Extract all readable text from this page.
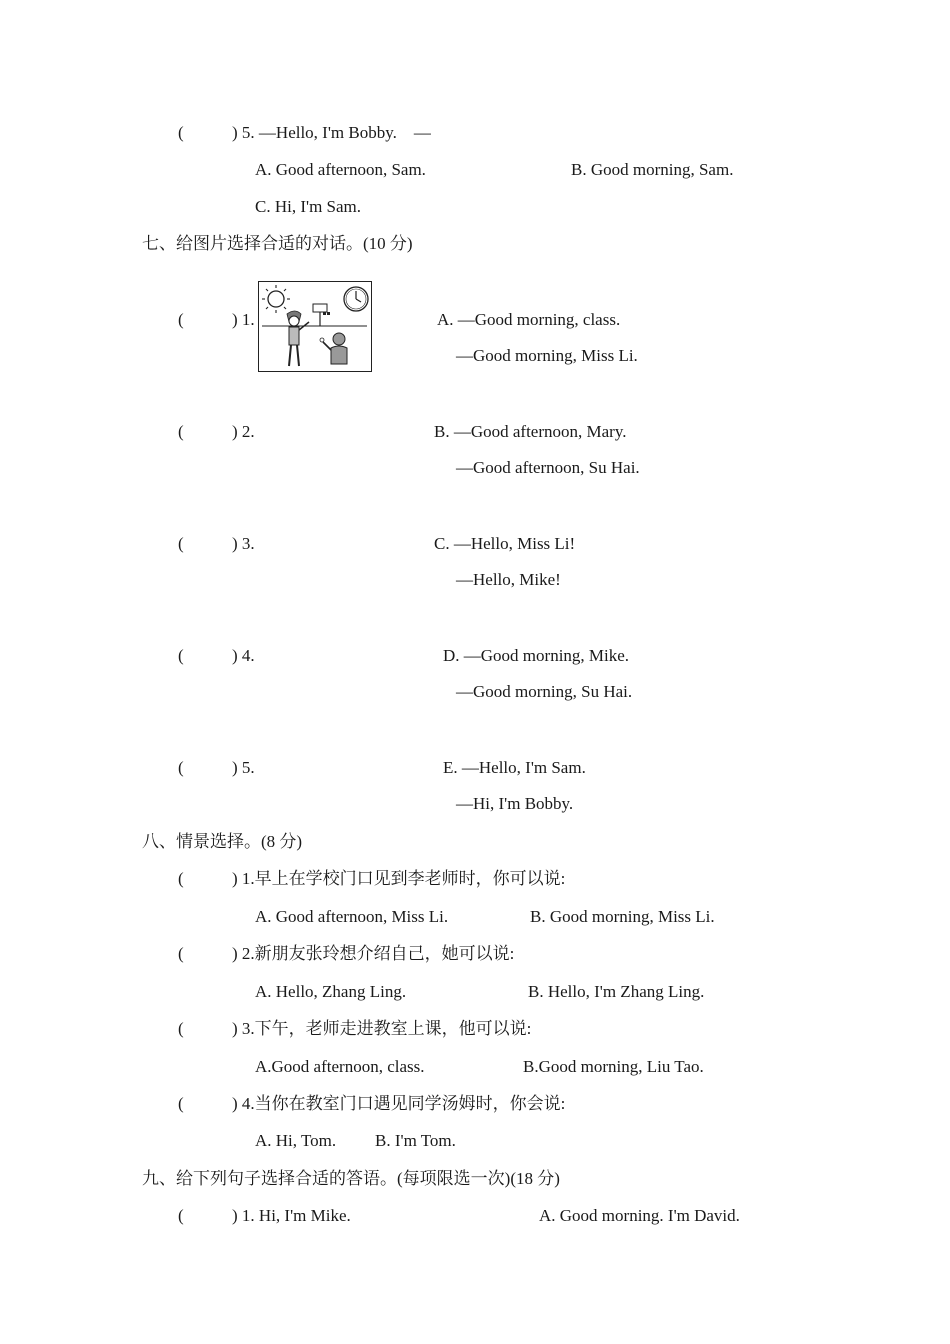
(	) 5. —Hello, I'm Bobby.    —
A. Good afternoon, Sam.	B. Good morning, Sam.
C. Hi, I'm Sam.
七、给图片选择合适的对话。(10 分)
(	) 1.	A. —Good morning, class.
—Good morning, Miss Li.
(	) 2.	B. —Good afternoon, Mary.
—Good afternoon, Su Hai.
(	) 3.	C. —Hello, Miss Li!
—Hello, Mike!
(	) 4.	D. —Good morning, Mike.
—Good morning, Su Hai.
(	) 5.	E. —Hello, I'm Sam.
—Hi, I'm Bobby.
八、情景选择。(8 分)
(	) 1.早上在学校门口见到李老师时，你可以说:
A. Good afternoon, Miss Li.	B. Good morning, Miss Li.
(	) 2.新朋友张玲想介绍自己，她可以说:
A. Hello, Zhang Ling.	B. Hello, I'm Zhang Ling.
(	) 3.下午，老师走进教室上课，他可以说:
A.Good afternoon, class.	B.Good morning, Liu Tao.
(	) 4.当你在教室门口遇见同学汤姆时，你会说:
A. Hi, Tom. B. I'm Tom.
九、给下列句子选择合适的答语。(每项限选一次)(18 分)
(	) 1. Hi, I'm Mike.	A. Good morning. I'm David.
